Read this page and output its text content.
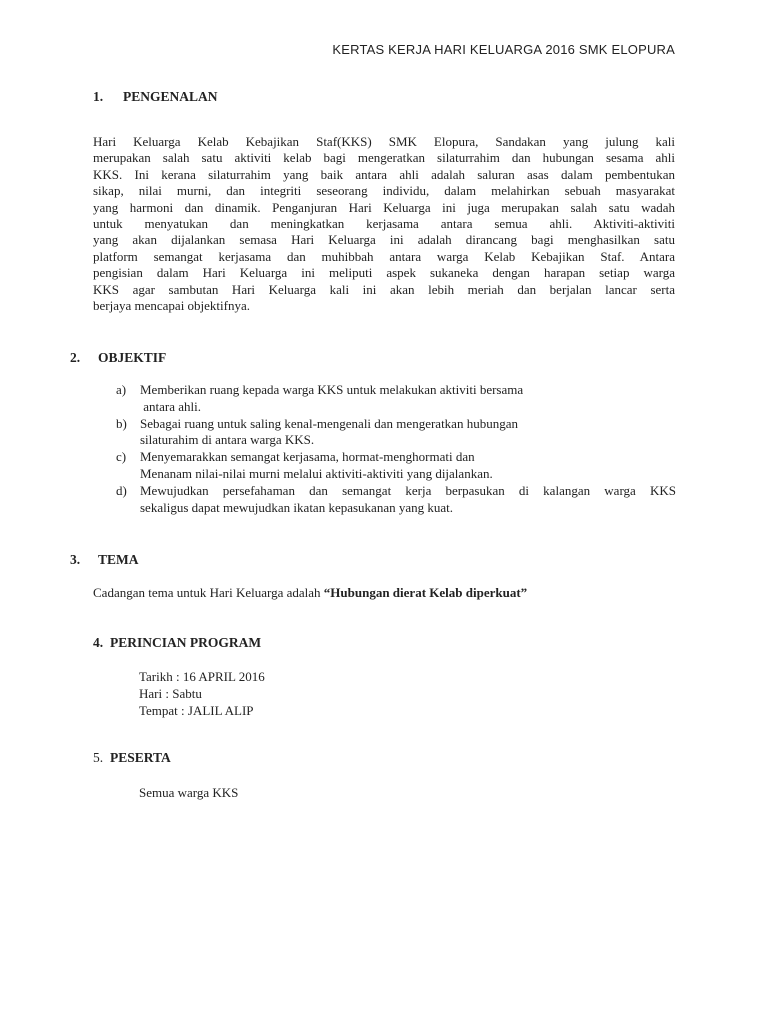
KERTAS KERJA HARI KELUARGA 2016 SMK ELOPURA
1. PENGENALAN
Hari Keluarga Kelab Kebajikan Staf(KKS) SMK Elopura, Sandakan yang julung kali
merupakan salah satu aktiviti kelab bagi mengeratkan silaturrahim dan hubungan sesama ahli
KKS. Ini kerana silaturrahim yang baik antara ahli adalah saluran asas dalam pembentukan
sikap, nilai murni, dan integriti seseorang individu, dalam melahirkan sebuah masyarakat
yang harmoni dan dinamik. Penganjuran Hari Keluarga ini juga merupakan salah satu wadah
untuk menyatukan dan meningkatkan kerjasama antara semua ahli. Aktiviti-aktiviti
yang akan dijalankan semasa Hari Keluarga ini adalah dirancang bagi menghasilkan satu
platform semangat kerjasama dan muhibbah antara warga Kelab Kebajikan Staf. Antara
pengisian dalam Hari Keluarga ini meliputi aspek sukaneka dengan harapan setiap warga
KKS agar sambutan Hari Keluarga kali ini akan lebih meriah dan berjalan lancar serta
berjaya mencapai objektifnya.
2. OBJEKTIF
a) Memberikan ruang kepada warga KKS untuk melakukan aktiviti bersama
antara ahli.
b) Sebagai ruang untuk saling kenal-mengenali dan mengeratkan hubungan
silaturahim di antara warga KKS.
c) Menyemarakkan semangat kerjasama, hormat-menghormati dan
Menanam nilai-nilai murni melalui aktiviti-aktiviti yang dijalankan.
d) Mewujudkan persefahaman dan semangat kerja berpasukan di kalangan warga KKS
sekaligus dapat mewujudkan ikatan kepasukanan yang kuat.
3. TEMA
Cadangan tema untuk Hari Keluarga adalah “Hubungan dierat Kelab diperkuat”
4. PERINCIAN PROGRAM
Tarikh : 16 APRIL 2016
Hari : Sabtu
Tempat : JALIL ALIP
5. PESERTA
Semua warga KKS
